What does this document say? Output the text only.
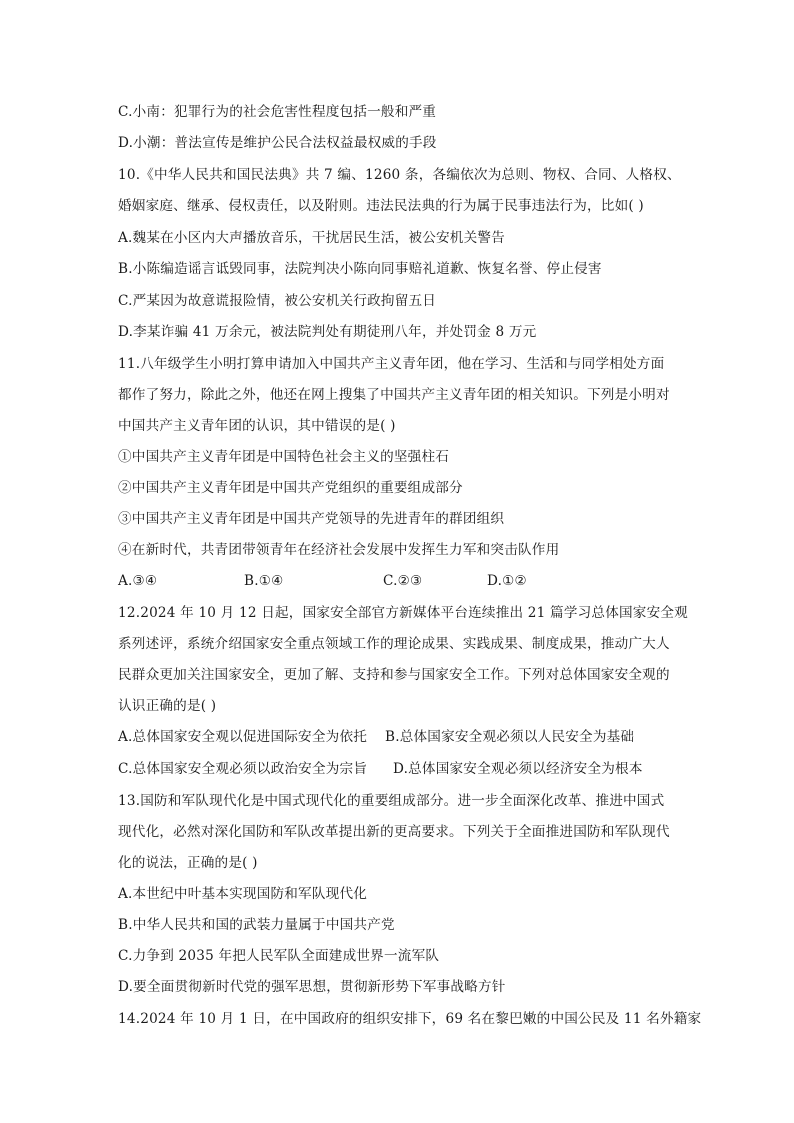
C.小南：犯罪行为的社会危害性程度包括一般和严重
D.小潮：普法宣传是维护公民合法权益最权威的手段
10.《中华人民共和国民法典》共 7 编、1260 条，各编依次为总则、物权、合同、人格权、
婚姻家庭、继承、侵权责任，以及附则。违法民法典的行为属于民事违法行为，比如( )
A.魏某在小区内大声播放音乐，干扰居民生活，被公安机关警告
B.小陈编造谣言诋毁同事，法院判决小陈向同事赔礼道歉、恢复名誉、停止侵害
C.严某因为故意谎报险情，被公安机关行政拘留五日
D.李某诈骗 41 万余元，被法院判处有期徒刑八年，并处罚金 8 万元
11.八年级学生小明打算申请加入中国共产主义青年团，他在学习、生活和与同学相处方面
都作了努力，除此之外，他还在网上搜集了中国共产主义青年团的相关知识。下列是小明对
中国共产主义青年团的认识，其中错误的是( )
①中国共产主义青年团是中国特色社会主义的坚强柱石
②中国共产主义青年团是中国共产党组织的重要组成部分
③中国共产主义青年团是中国共产党领导的先进青年的群团组织
④在新时代，共青团带领青年在经济社会发展中发挥生力军和突击队作用
A.③④	B.①④	C.②③	D.①②
12.2024 年 10 月 12 日起，国家安全部官方新媒体平台连续推出 21 篇学习总体国家安全观
系列述评，系统介绍国家安全重点领域工作的理论成果、实践成果、制度成果，推动广大人
民群众更加关注国家安全，更加了解、支持和参与国家安全工作。下列对总体国家安全观的
认识正确的是( )
A.总体国家安全观以促进国际安全为依托 B.总体国家安全观必须以人民安全为基础
C.总体国家安全观必须以政治安全为宗旨 D.总体国家安全观必须以经济安全为根本
13.国防和军队现代化是中国式现代化的重要组成部分。进一步全面深化改革、推进中国式
现代化，必然对深化国防和军队改革提出新的更高要求。下列关于全面推进国防和军队现代
化的说法，正确的是( )
A.本世纪中叶基本实现国防和军队现代化
B.中华人民共和国的武装力量属于中国共产党
C.力争到 2035 年把人民军队全面建成世界一流军队
D.要全面贯彻新时代党的强军思想，贯彻新形势下军事战略方针
14.2024 年 10 月 1 日，在中国政府的组织安排下，69 名在黎巴嫩的中国公民及 11 名外籍家
